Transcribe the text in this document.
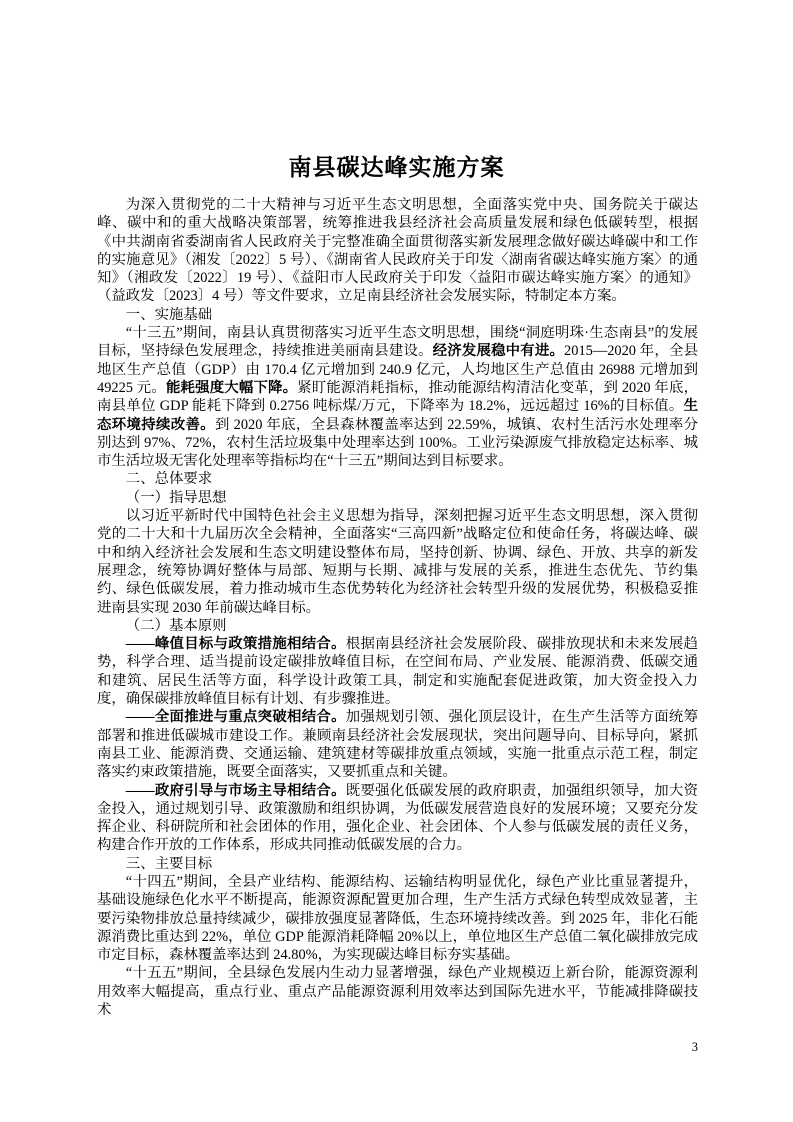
南县碳达峰实施方案

为深入贯彻党的二十大精神与习近平生态文明思想，全面落实党中央、国务院关于碳达峰、碳中和的重大战略决策部署，统筹推进我县经济社会高质量发展和绿色低碳转型，根据《中共湖南省委湖南省人民政府关于完整准确全面贯彻落实新发展理念做好碳达峰碳中和工作的实施意见》（湘发〔2022〕5 号）、《湖南省人民政府关于印发〈湖南省碳达峰实施方案〉的通知》（湘政发〔2022〕19 号）、《益阳市人民政府关于印发〈益阳市碳达峰实施方案〉的通知》（益政发〔2023〕4 号）等文件要求，立足南县经济社会发展实际，特制定本方案。

一、实施基础

“十三五”期间，南县认真贯彻落实习近平生态文明思想，围绕“洞庭明珠·生态南县”的发展目标，坚持绿色发展理念，持续推进美丽南县建设。经济发展稳中有进。2015—2020 年，全县地区生产总值（GDP）由 170.4 亿元增加到 240.9 亿元，人均地区生产总值由 26988 元增加到 49225 元。能耗强度大幅下降。紧盯能源消耗指标，推动能源结构清洁化变革，到 2020 年底，南县单位 GDP 能耗下降到 0.2756 吨标煤/万元，下降率为 18.2%，远远超过 16%的目标值。生态环境持续改善。到 2020 年底，全县森林覆盖率达到 22.59%，城镇、农村生活污水处理率分别达到 97%、72%，农村生活垃圾集中处理率达到 100%。工业污染源废气排放稳定达标率、城市生活垃圾无害化处理率等指标均在“十三五”期间达到目标要求。

二、总体要求

（一）指导思想

以习近平新时代中国特色社会主义思想为指导，深刻把握习近平生态文明思想，深入贯彻党的二十大和十九届历次全会精神，全面落实“三高四新”战略定位和使命任务，将碳达峰、碳中和纳入经济社会发展和生态文明建设整体布局，坚持创新、协调、绿色、开放、共享的新发展理念，统筹协调好整体与局部、短期与长期、减排与发展的关系，推进生态优先、节约集约、绿色低碳发展，着力推动城市生态优势转化为经济社会转型升级的发展优势，积极稳妥推进南县实现 2030 年前碳达峰目标。

（二）基本原则

——峰值目标与政策措施相结合。根据南县经济社会发展阶段、碳排放现状和未来发展趋势，科学合理、适当提前设定碳排放峰值目标，在空间布局、产业发展、能源消费、低碳交通和建筑、居民生活等方面，科学设计政策工具，制定和实施配套促进政策，加大资金投入力度，确保碳排放峰值目标有计划、有步骤推进。

——全面推进与重点突破相结合。加强规划引领、强化顶层设计，在生产生活等方面统筹部署和推进低碳城市建设工作。兼顾南县经济社会发展现状，突出问题导向、目标导向，紧抓南县工业、能源消费、交通运输、建筑建材等碳排放重点领域，实施一批重点示范工程，制定落实约束政策措施，既要全面落实，又要抓重点和关键。

——政府引导与市场主导相结合。既要强化低碳发展的政府职责，加强组织领导，加大资金投入，通过规划引导、政策激励和组织协调，为低碳发展营造良好的发展环境；又要充分发挥企业、科研院所和社会团体的作用，强化企业、社会团体、个人参与低碳发展的责任义务，构建合作开放的工作体系，形成共同推动低碳发展的合力。

三、主要目标

“十四五”期间，全县产业结构、能源结构、运输结构明显优化，绿色产业比重显著提升，基础设施绿色化水平不断提高，能源资源配置更加合理，生产生活方式绿色转型成效显著，主要污染物排放总量持续减少，碳排放强度显著降低，生态环境持续改善。到 2025 年，非化石能源消费比重达到 22%，单位 GDP 能源消耗降幅 20%以上，单位地区生产总值二氧化碳排放完成市定目标，森林覆盖率达到 24.80%，为实现碳达峰目标夯实基础。

“十五五”期间，全县绿色发展内生动力显著增强，绿色产业规模迈上新台阶，能源资源利用效率大幅提高，重点行业、重点产品能源资源利用效率达到国际先进水平，节能减排降碳技术

3
